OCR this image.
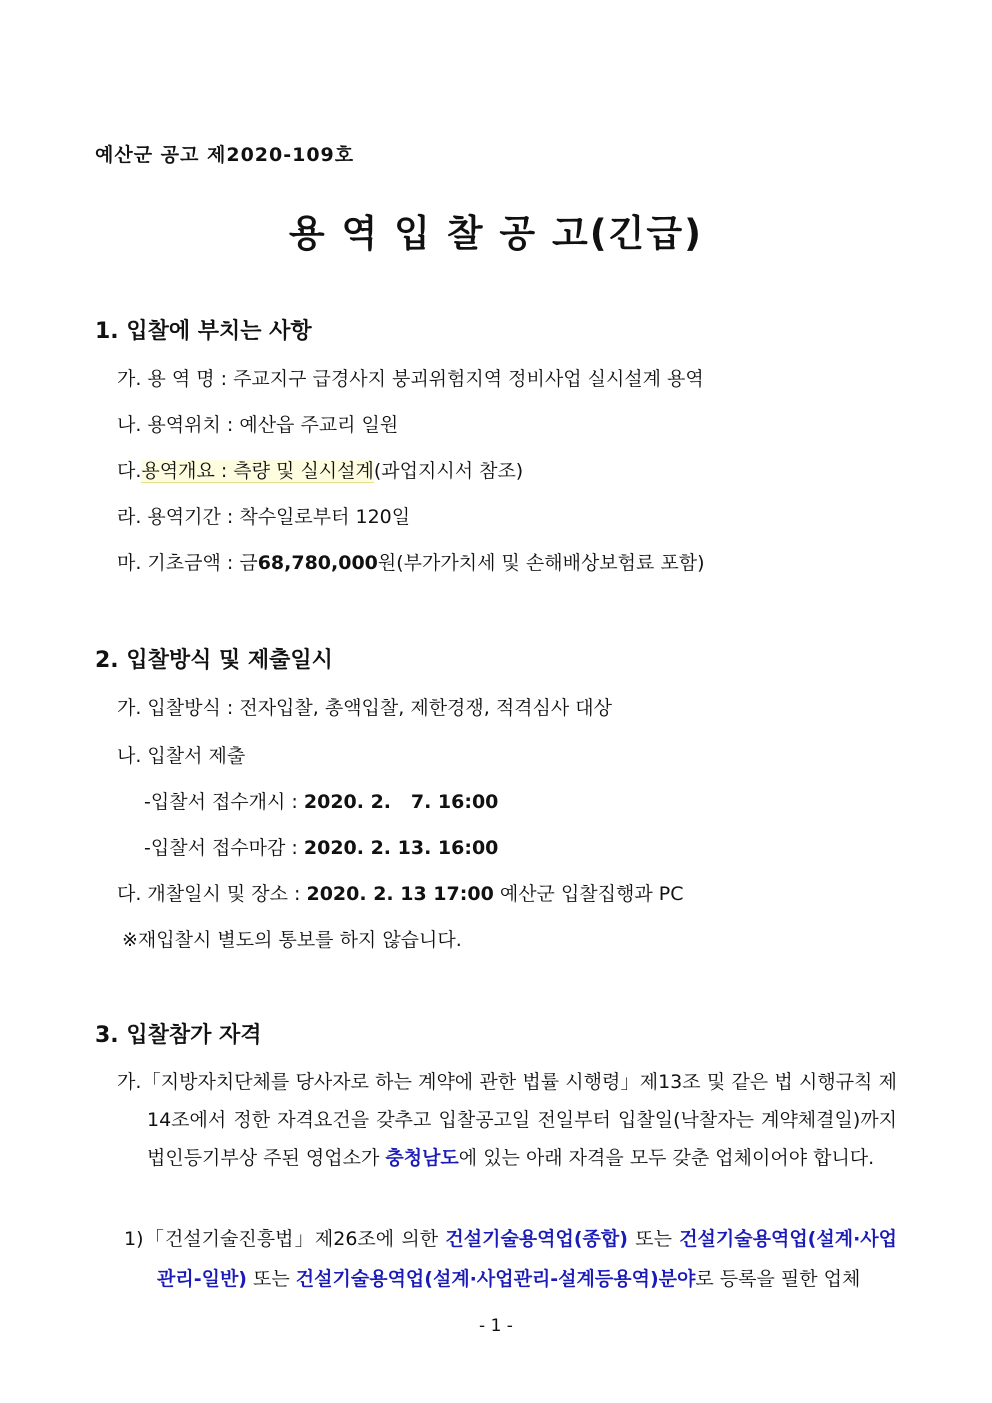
예산군 공고 제2020-109호
용 역 입 찰 공 고(긴급)
1. 입찰에 부치는 사항
가. 용 역 명 : 주교지구 급경사지 붕괴위험지역 정비사업 실시설계 용역
나. 용역위치 : 예산읍 주교리 일원
다.용역개요 : 측량 및 실시설계(과업지시서 참조)
라. 용역기간 : 착수일로부터 120일
마. 기초금액 : 금68,780,000원(부가가치세 및 손해배상보험료 포함)
2. 입찰방식 및 제출일시
가. 입찰방식 : 전자입찰, 총액입찰, 제한경쟁, 적격심사 대상
나. 입찰서 제출
-입찰서 접수개시 : 2020. 2.   7. 16:00
-입찰서 접수마감 : 2020. 2. 13. 16:00
다. 개찰일시 및 장소 : 2020. 2. 13 17:00 예산군 입찰집행과 PC
※재입찰시 별도의 통보를 하지 않습니다.
3. 입찰참가 자격
가.「지방자치단체를 당사자로 하는 계약에 관한 법률 시행령」제13조 및 같은 법 시행규칙 제14조에서 정한 자격요건을 갖추고 입찰공고일 전일부터 입찰일(낙찰자는 계약체결일)까지 법인등기부상 주된 영업소가 충청남도에 있는 아래 자격을 모두 갖춘 업체이어야 합니다.
1)「건설기술진흥법」제26조에 의한 건설기술용역업(종합) 또는 건설기술용역업(설계·사업관리-일반) 또는 건설기술용역업(설계·사업관리-설계등용역)분야로 등록을 필한 업체
- 1 -
